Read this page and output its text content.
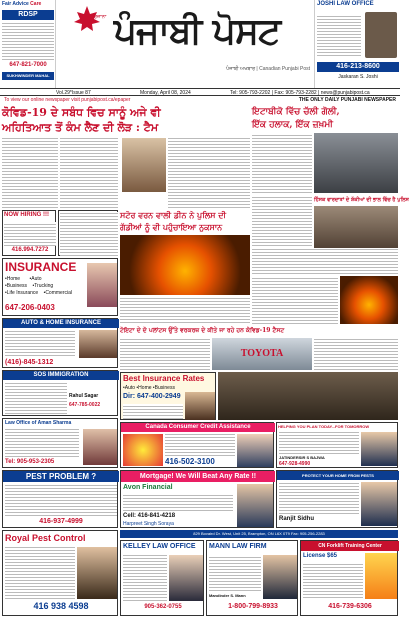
Fair Advice Care
RDSP
647-821-7000
SUKHWINDER MAHAL
ਰੋਜ਼ਾਨਾ ਪੰਜਾਬੀ ਪੋਸਟ
ਪੰਜਾਬੀ ਅਖਬਾਰ | Canadian Punjabi Post
JOSHI LAW OFFICE
416-213-8600
Jaskaran S. Joshi
Vol.29*Issue 87	Monday, April 08, 2024	Tel: 905-793-2202 | Fax: 905-793-2282 | news@punjabipost.ca
To view our online newspaper visit punjabipost.ca/epaper	THE ONLY DAILY PUNJABI NEWSPAPER
ਕੋਵਿਡ-19 ਦੇ ਸਬੰਧ ਵਿਚ ਸਾਨੂੰ ਅਜੇ ਵੀ
ਅਹਿਤਿਆਤ ਤੋਂ ਕੰਮ ਲੈਣ ਦੀ ਲੋੜ : ਟੈਮ
ਇਟਾਬੀਕੋ ਵਿੱਚ ਚੱਲੀ ਗੋਲੀ,
ਇੱਕ ਹਲਾਕ, ਇੱਕ ਜ਼ਖ਼ਮੀ
NOW HIRING !!!
416.994.7272
ਸਟੋਰ ਵਰਨ ਵਾਲੀ ਡੀਨ ਨੇ ਪੁਲਿਸ ਦੀ
ਗੱਡੀਆਂ ਨੂੰ ਵੀ ਪਹੁੰਚਾਇਆ ਨੁਕਸਾਨ
ਹਿੰਸਕ ਵਾਰਦਾਤਾਂ ਦੇ ਸ਼ੱਕੀਆਂ ਦੀ ਭਾਲ ਵਿੱਚ ਹੈ ਪੁਲਿਸ
INSURANCE
•Home •Auto
•Business •Trucking
•Life Insurance •Commercial
647-206-0403
AUTO & HOME INSURANCE
(416)-845-1312
ਟੋਇਟਾ ਦੇ ਦੋ ਪਲਾਂਟਸ ਉੱਤੇ ਵਰਕਰਜ਼ ਦੇ ਕੀਤੇ ਜਾ ਰਹੇ ਹਨ ਕੋਵਿਡ-19 ਟੈਸਟ
TOYOTA
SOS IMMIGRATION
Rahul Sagar
647-785-0022
Best Insurance Rates
•Auto •Home •Business
Dir: 647-400-2949
Law Office of Aman Sharma
Tel: 905-953-2305
Canada Consumer Credit Assistance
416-502-3100
HELPING YOU PLAN TODAY...FOR TOMORROW
JATINDERSIR S BAJWA
647-928-4990
PEST PROBLEM ?
416-937-4999
Mortgage! We Will Beat Any Rate !!
Avon Financial
Cell: 416-841-4218
Harpreet Singh Soraya
PROTECT YOUR HOME FROM PESTS
Ranjit Sidhu
829 Bovaird Dr. West, Unit 25, Brampton, ON L6X 0T9 Fax: 905-256-2283
Royal Pest Control
416 938 4598
KELLEY LAW OFFICE
905-362-0755
MANN LAW FIRM
Mandinder S. Mann
1-800-799-8933
CN Forklift Training Center
License $65
416-739-6306
